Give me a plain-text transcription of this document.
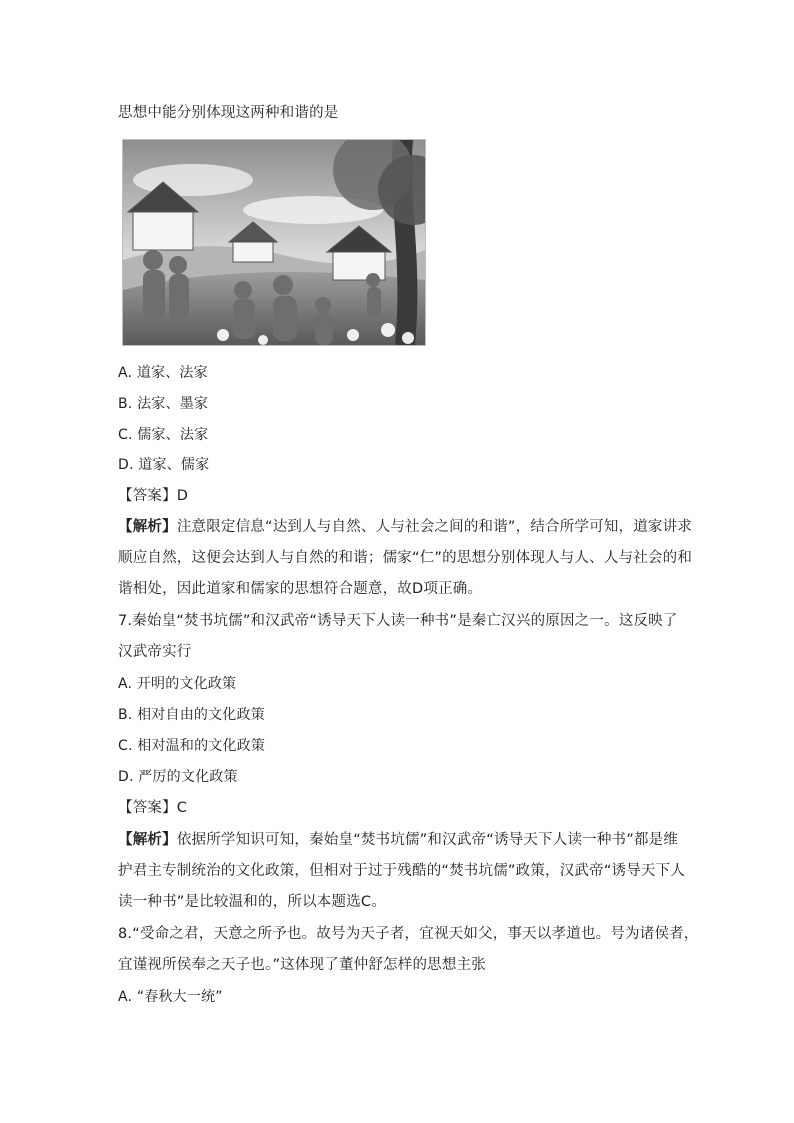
思想中能分别体现这两种和谐的是
A. 道家、法家
B. 法家、墨家
C. 儒家、法家
D. 道家、儒家
【答案】D
【解析】注意限定信息“达到人与自然、人与社会之间的和谐”，结合所学可知，道家讲求
顺应自然，这便会达到人与自然的和谐；儒家“仁”的思想分别体现人与人、人与社会的和
谐相处，因此道家和儒家的思想符合题意，故D项正确。
7.秦始皇“焚书坑儒”和汉武帝“诱导天下人读一种书”是秦亡汉兴的原因之一。这反映了
汉武帝实行
A. 开明的文化政策
B. 相对自由的文化政策
C. 相对温和的文化政策
D. 严厉的文化政策
【答案】C
【解析】依据所学知识可知，秦始皇“焚书坑儒”和汉武帝“诱导天下人读一种书”都是维
护君主专制统治的文化政策，但相对于过于残酷的“焚书坑儒”政策，汉武帝“诱导天下人
读一种书”是比较温和的，所以本题选C。
8.“受命之君，天意之所予也。故号为天子者，宜视天如父，事天以孝道也。号为诸侯者，
宜谨视所侯奉之天子也。”这体现了董仲舒怎样的思想主张
A. “春秋大一统”
